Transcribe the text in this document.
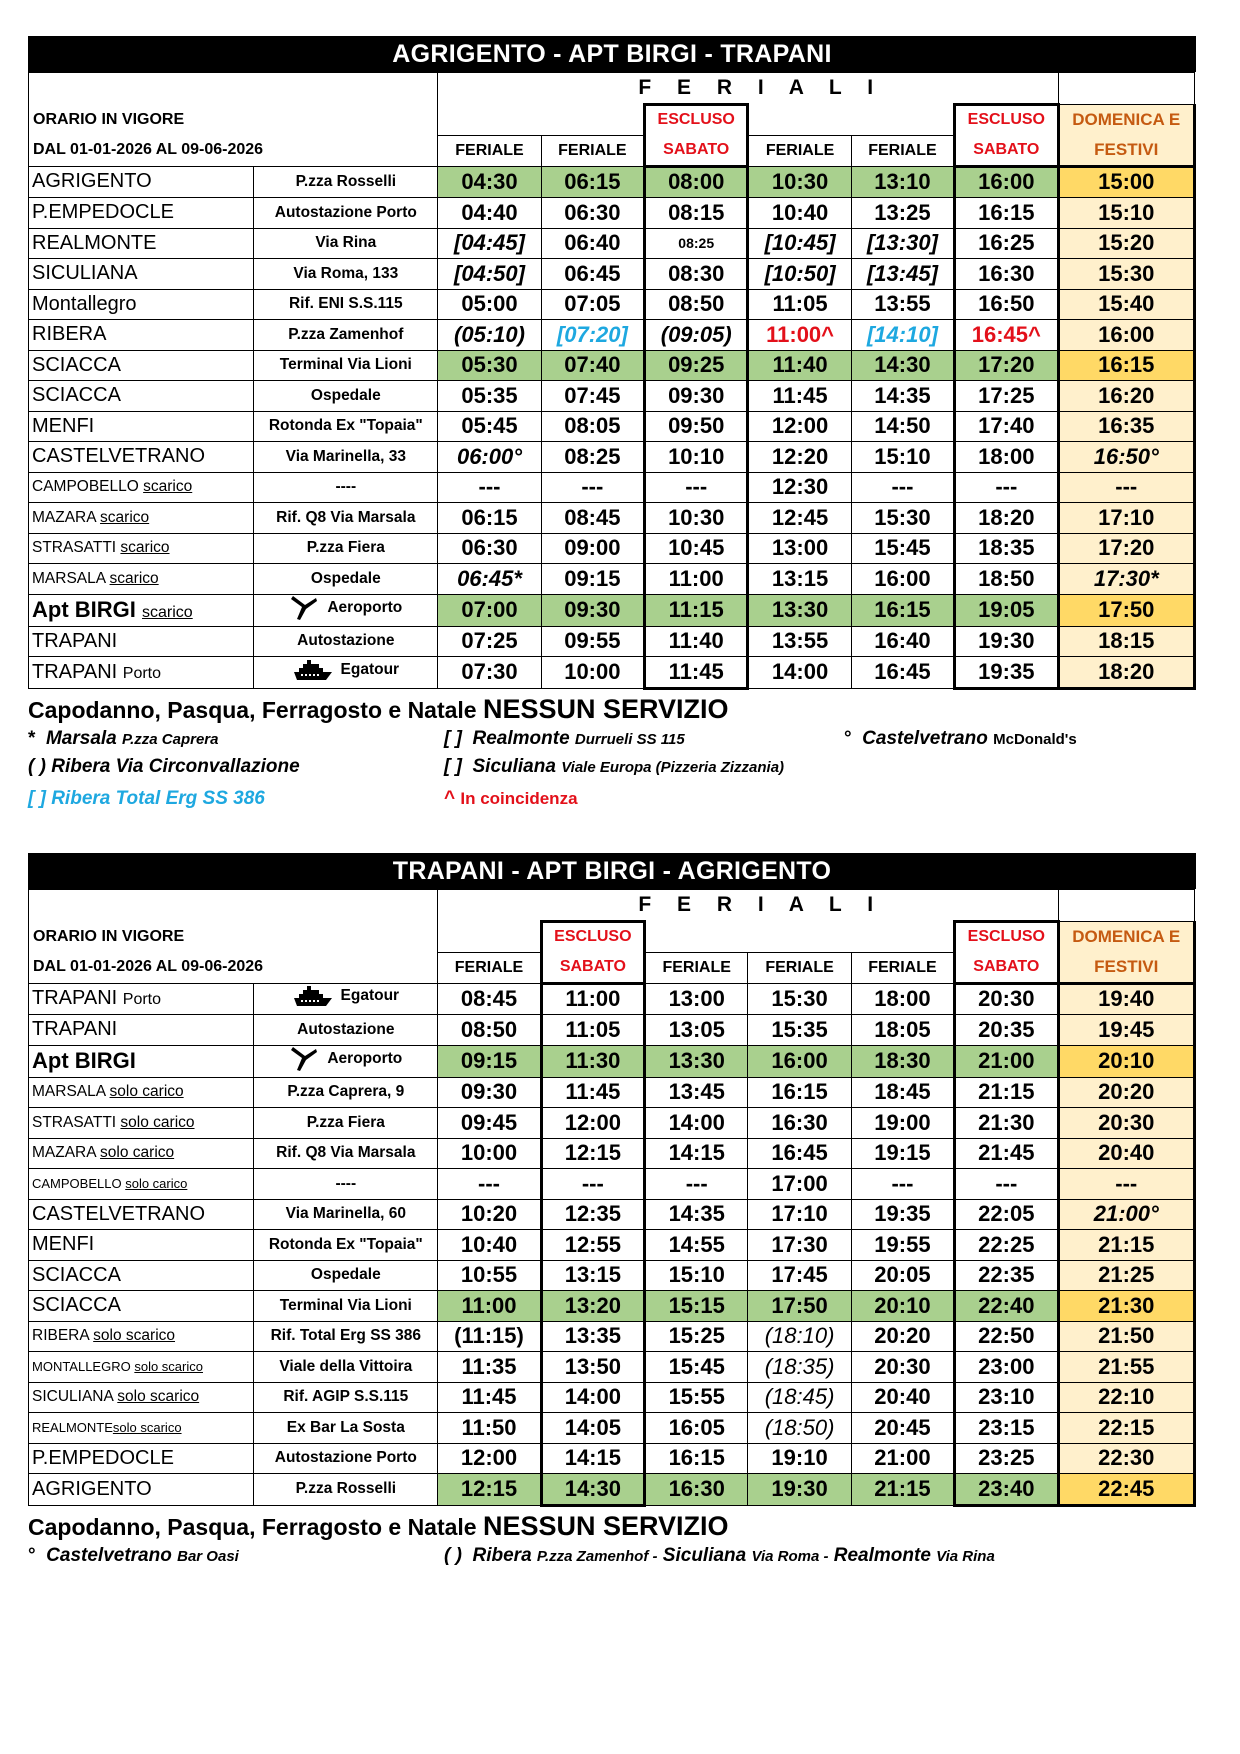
AGRIGENTO - APT BIRGI - TRAPANI
		F E R I A L I						
ORARIO IN VIGORE				ESCLUSO			ESCLUSO	DOMENICA E
DAL 01-01-2026 AL 09-06-2026		FERIALE	FERIALE	SABATO	FERIALE	FERIALE	SABATO	FESTIVI
AGRIGENTO	P.zza Rosselli	04:30	06:15	08:00	10:30	13:10	16:00	15:00
P.EMPEDOCLE	Autostazione Porto	04:40	06:30	08:15	10:40	13:25	16:15	15:10
REALMONTE	Via Rina	[04:45]	06:40	08:25	[10:45]	[13:30]	16:25	15:20
SICULIANA	Via Roma, 133	[04:50]	06:45	08:30	[10:50]	[13:45]	16:30	15:30
Montallegro	Rif. ENI S.S.115	05:00	07:05	08:50	11:05	13:55	16:50	15:40
RIBERA	P.zza Zamenhof	(05:10)	[07:20]	(09:05)	11:00^	[14:10]	16:45^	16:00
SCIACCA	Terminal Via Lioni	05:30	07:40	09:25	11:40	14:30	17:20	16:15
SCIACCA	Ospedale	05:35	07:45	09:30	11:45	14:35	17:25	16:20
MENFI	Rotonda Ex "Topaia"	05:45	08:05	09:50	12:00	14:50	17:40	16:35
CASTELVETRANO	Via Marinella, 33	06:00°	08:25	10:10	12:20	15:10	18:00	16:50°
CAMPOBELLO scarico	----	---	---	---	12:30	---	---	---
MAZARA scarico	Rif. Q8 Via Marsala	06:15	08:45	10:30	12:45	15:30	18:20	17:10
STRASATTI scarico	P.zza Fiera	06:30	09:00	10:45	13:00	15:45	18:35	17:20
MARSALA scarico	Ospedale	06:45*	09:15	11:00	13:15	16:00	18:50	17:30*
Apt BIRGI scarico	Aeroporto	07:00	09:30	11:15	13:30	16:15	19:05	17:50
TRAPANI	Autostazione	07:25	09:55	11:40	13:55	16:40	19:30	18:15
TRAPANI Porto	Egatour	07:30	10:00	11:45	14:00	16:45	19:35	18:20
Capodanno, Pasqua, Ferragosto e Natale NESSUN SERVIZIO
* Marsala P.zza Caprera	[ ] Realmonte Durrueli SS 115	° Castelvetrano McDonald's
( ) Ribera Via Circonvallazione	[ ] Siculiana Viale Europa (Pizzeria Zizzania)
[ ] Ribera Total Erg SS 386	^ In coincidenza
TRAPANI - APT BIRGI - AGRIGENTO
		F E R I A L I						
ORARIO IN VIGORE			ESCLUSO				ESCLUSO	DOMENICA E
DAL 01-01-2026 AL 09-06-2026		FERIALE	SABATO	FERIALE	FERIALE	FERIALE	SABATO	FESTIVI
TRAPANI Porto	Egatour	08:45	11:00	13:00	15:30	18:00	20:30	19:40
TRAPANI	Autostazione	08:50	11:05	13:05	15:35	18:05	20:35	19:45
Apt BIRGI	Aeroporto	09:15	11:30	13:30	16:00	18:30	21:00	20:10
MARSALA solo carico	P.zza Caprera, 9	09:30	11:45	13:45	16:15	18:45	21:15	20:20
STRASATTI solo carico	P.zza Fiera	09:45	12:00	14:00	16:30	19:00	21:30	20:30
MAZARA solo carico	Rif. Q8 Via Marsala	10:00	12:15	14:15	16:45	19:15	21:45	20:40
CAMPOBELLO solo carico	----	---	---	---	17:00	---	---	---
CASTELVETRANO	Via Marinella, 60	10:20	12:35	14:35	17:10	19:35	22:05	21:00°
MENFI	Rotonda Ex "Topaia"	10:40	12:55	14:55	17:30	19:55	22:25	21:15
SCIACCA	Ospedale	10:55	13:15	15:10	17:45	20:05	22:35	21:25
SCIACCA	Terminal Via Lioni	11:00	13:20	15:15	17:50	20:10	22:40	21:30
RIBERA solo scarico	Rif. Total Erg SS 386	(11:15)	13:35	15:25	(18:10)	20:20	22:50	21:50
MONTALLEGRO solo scarico	Viale della Vittoira	11:35	13:50	15:45	(18:35)	20:30	23:00	21:55
SICULIANA solo scarico	Rif. AGIP S.S.115	11:45	14:00	15:55	(18:45)	20:40	23:10	22:10
REALMONTEsolo scarico	Ex Bar La Sosta	11:50	14:05	16:05	(18:50)	20:45	23:15	22:15
P.EMPEDOCLE	Autostazione Porto	12:00	14:15	16:15	19:10	21:00	23:25	22:30
AGRIGENTO	P.zza Rosselli	12:15	14:30	16:30	19:30	21:15	23:40	22:45
Capodanno, Pasqua, Ferragosto e Natale NESSUN SERVIZIO
° Castelvetrano Bar Oasi	( ) Ribera P.zza Zamenhof - Siculiana Via Roma - Realmonte Via Rina
